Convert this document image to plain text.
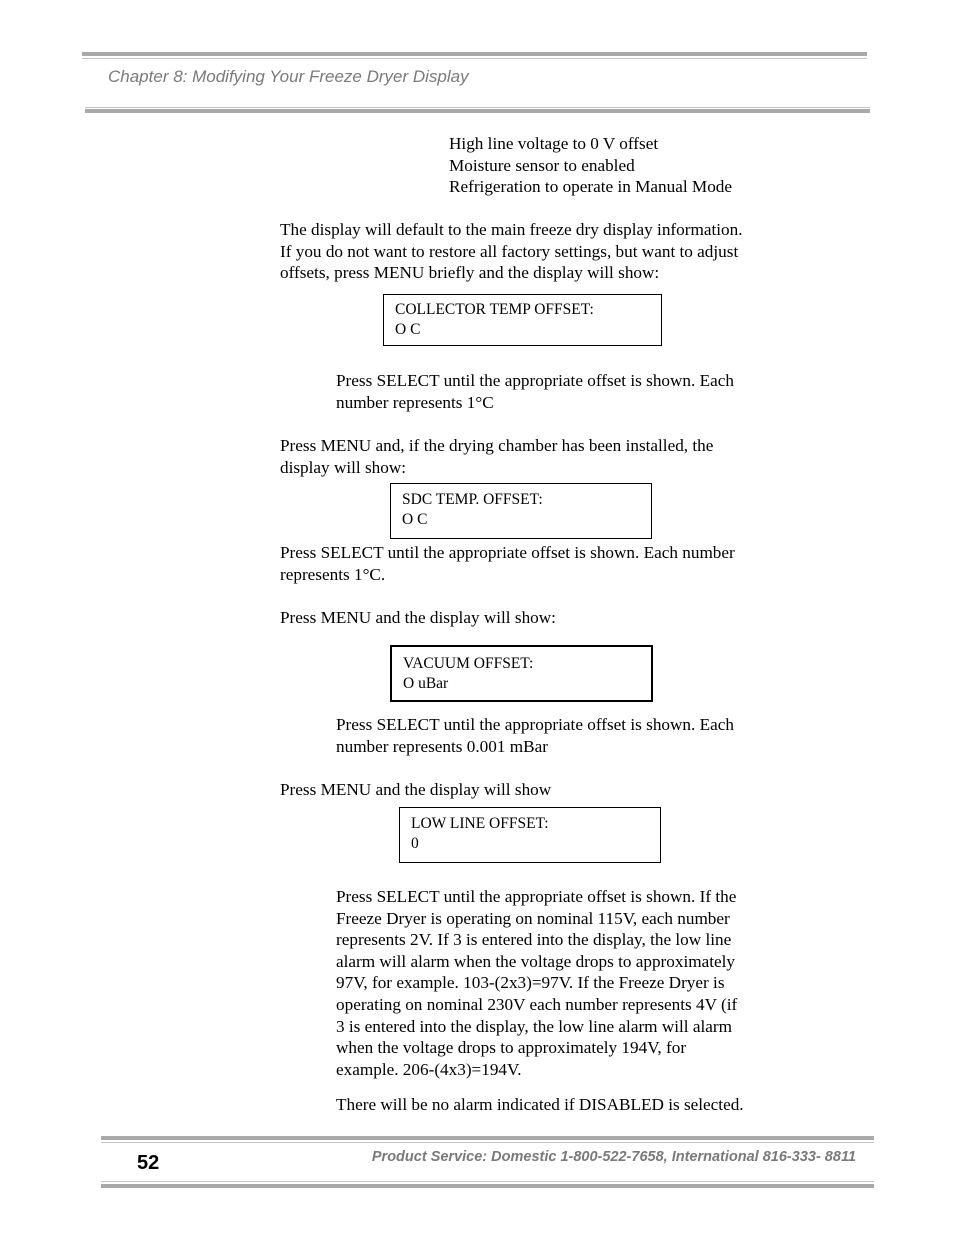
Chapter 8: Modifying Your Freeze Dryer Display
High line voltage to 0 V offset
Moisture sensor to enabled
Refrigeration to operate in Manual Mode
The display will default to the main freeze dry display information.
If you do not want to restore all factory settings, but want to adjust
offsets, press MENU briefly and the display will show:
COLLECTOR TEMP OFFSET:
O C
Press SELECT until the appropriate offset is shown. Each
number represents 1°C
Press MENU and, if the drying chamber has been installed, the
display will show:
SDC TEMP. OFFSET:
O C
Press SELECT until the appropriate offset is shown. Each number
represents 1°C.
Press MENU and the display will show:
VACUUM OFFSET:
O uBar
Press SELECT until the appropriate offset is shown. Each
number represents 0.001 mBar
Press MENU and the display will show
LOW LINE OFFSET:
0
Press SELECT until the appropriate offset is shown. If the
Freeze Dryer is operating on nominal 115V, each number
represents 2V. If 3 is entered into the display, the low line
alarm will alarm when the voltage drops to approximately
97V, for example. 103-(2x3)=97V. If the Freeze Dryer is
operating on nominal 230V each number represents 4V (if
3 is entered into the display, the low line alarm will alarm
when the voltage drops to approximately 194V, for
example. 206-(4x3)=194V.
There will be no alarm indicated if DISABLED is selected.
52	Product Service: Domestic 1-800-522-7658, International 816-333- 8811
